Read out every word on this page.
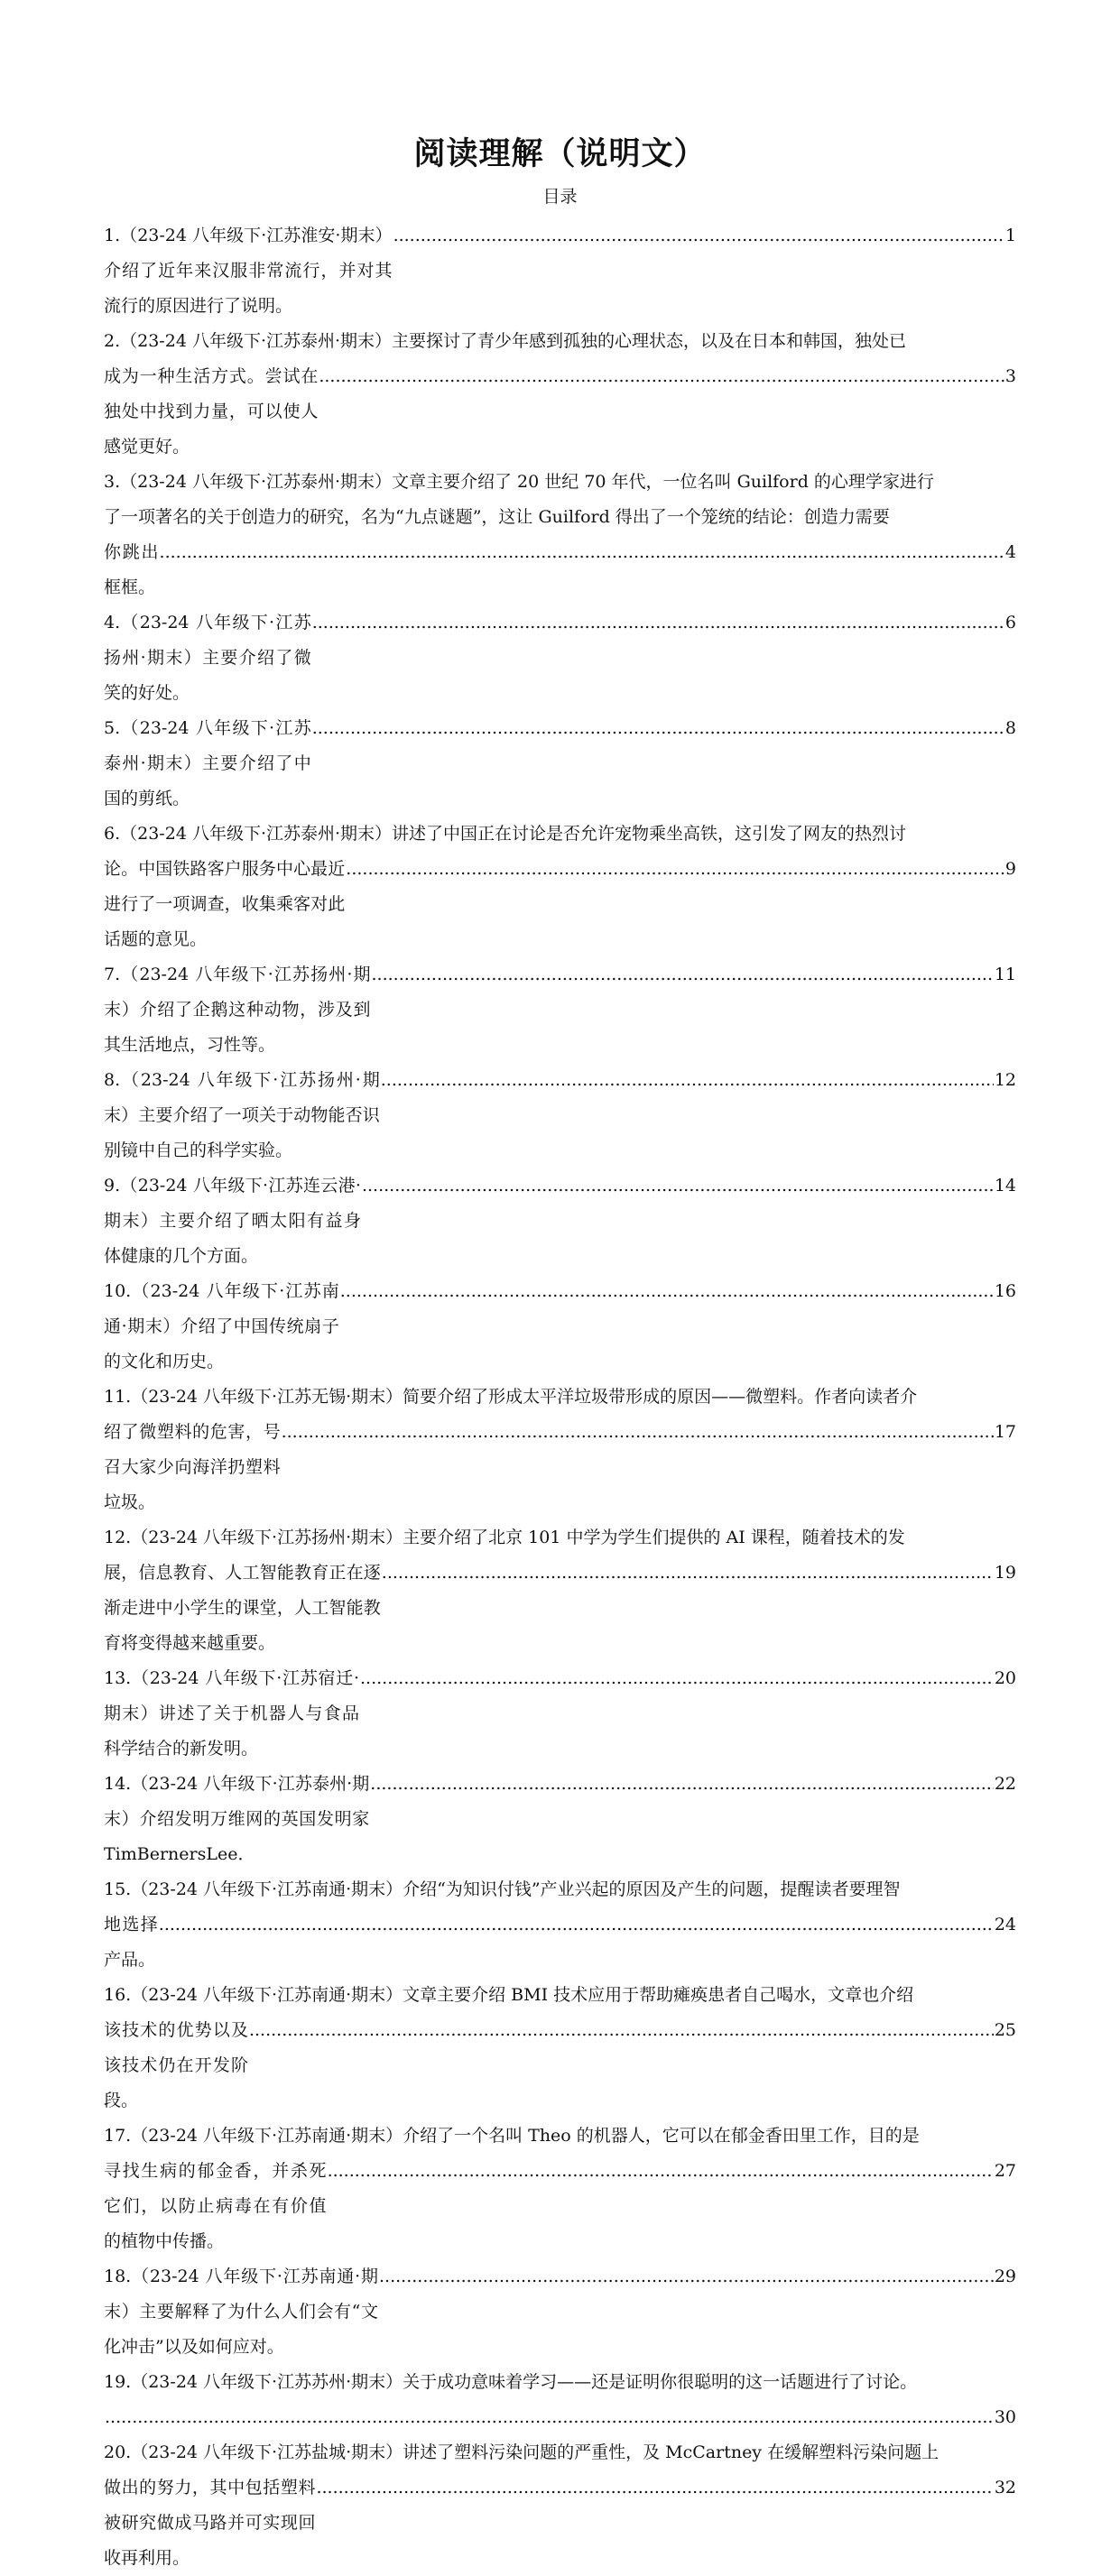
阅读理解（说明文）
目录
1.（23-24 八年级下·江苏淮安·期末）介绍了近年来汉服非常流行，并对其流行的原因进行了说明。
.....
1
2.（23-24 八年级下·江苏泰州·期末）主要探讨了青少年感到孤独的心理状态，以及在日本和韩国，独处已
成为一种生活方式。尝试在独处中找到力量，可以使人感觉更好。
.....
3
3.（23-24 八年级下·江苏泰州·期末）文章主要介绍了 20 世纪 70 年代，一位名叫 Guilford 的心理学家进行
了一项著名的关于创造力的研究，名为“九点谜题”，这让 Guilford 得出了一个笼统的结论：创造力需要
你跳出框框。
.....
4
4.（23-24 八年级下·江苏扬州·期末）主要介绍了微笑的好处。
.....
6
5.（23-24 八年级下·江苏泰州·期末）主要介绍了中国的剪纸。
.....
8
6.（23-24 八年级下·江苏泰州·期末）讲述了中国正在讨论是否允许宠物乘坐高铁，这引发了网友的热烈讨
论。中国铁路客户服务中心最近进行了一项调查，收集乘客对此话题的意见。
.....
9
7.（23-24 八年级下·江苏扬州·期末）介绍了企鹅这种动物，涉及到其生活地点，习性等。
.....
11
8.（23-24 八年级下·江苏扬州·期末）主要介绍了一项关于动物能否识别镜中自己的科学实验。
.....
12
9.（23-24 八年级下·江苏连云港·期末）主要介绍了晒太阳有益身体健康的几个方面。
.....
14
10.（23-24 八年级下·江苏南通·期末）介绍了中国传统扇子的文化和历史。
.....
16
11.（23-24 八年级下·江苏无锡·期末）简要介绍了形成太平洋垃圾带形成的原因——微塑料。作者向读者介
绍了微塑料的危害，号召大家少向海洋扔塑料垃圾。
.....
17
12.（23-24 八年级下·江苏扬州·期末）主要介绍了北京 101 中学为学生们提供的 AI 课程，随着技术的发
展，信息教育、人工智能教育正在逐渐走进中小学生的课堂，人工智能教育将变得越来越重要。
.....
19
13.（23-24 八年级下·江苏宿迁·期末）讲述了关于机器人与食品科学结合的新发明。
.....
20
14.（23-24 八年级下·江苏泰州·期末）介绍发明万维网的英国发明家 TimBernersLee．
.....
22
15.（23-24 八年级下·江苏南通·期末）介绍“为知识付钱”产业兴起的原因及产生的问题，提醒读者要理智
地选择产品。
.....
24
16.（23-24 八年级下·江苏南通·期末）文章主要介绍 BMI 技术应用于帮助瘫痪患者自己喝水，文章也介绍
该技术的优势以及该技术仍在开发阶段。
.....
25
17.（23-24 八年级下·江苏南通·期末）介绍了一个名叫 Theo 的机器人，它可以在郁金香田里工作，目的是
寻找生病的郁金香，并杀死它们，以防止病毒在有价值的植物中传播。
.....
27
18.（23-24 八年级下·江苏南通·期末）主要解释了为什么人们会有“文化冲击”以及如何应对。
.....
29
19.（23-24 八年级下·江苏苏州·期末）关于成功意味着学习——还是证明你很聪明的这一话题进行了讨论。
.....
30
20.（23-24 八年级下·江苏盐城·期末）讲述了塑料污染问题的严重性，及 McCartney 在缓解塑料污染问题上
做出的努力，其中包括塑料被研究做成马路并可实现回收再利用。
.....
32
